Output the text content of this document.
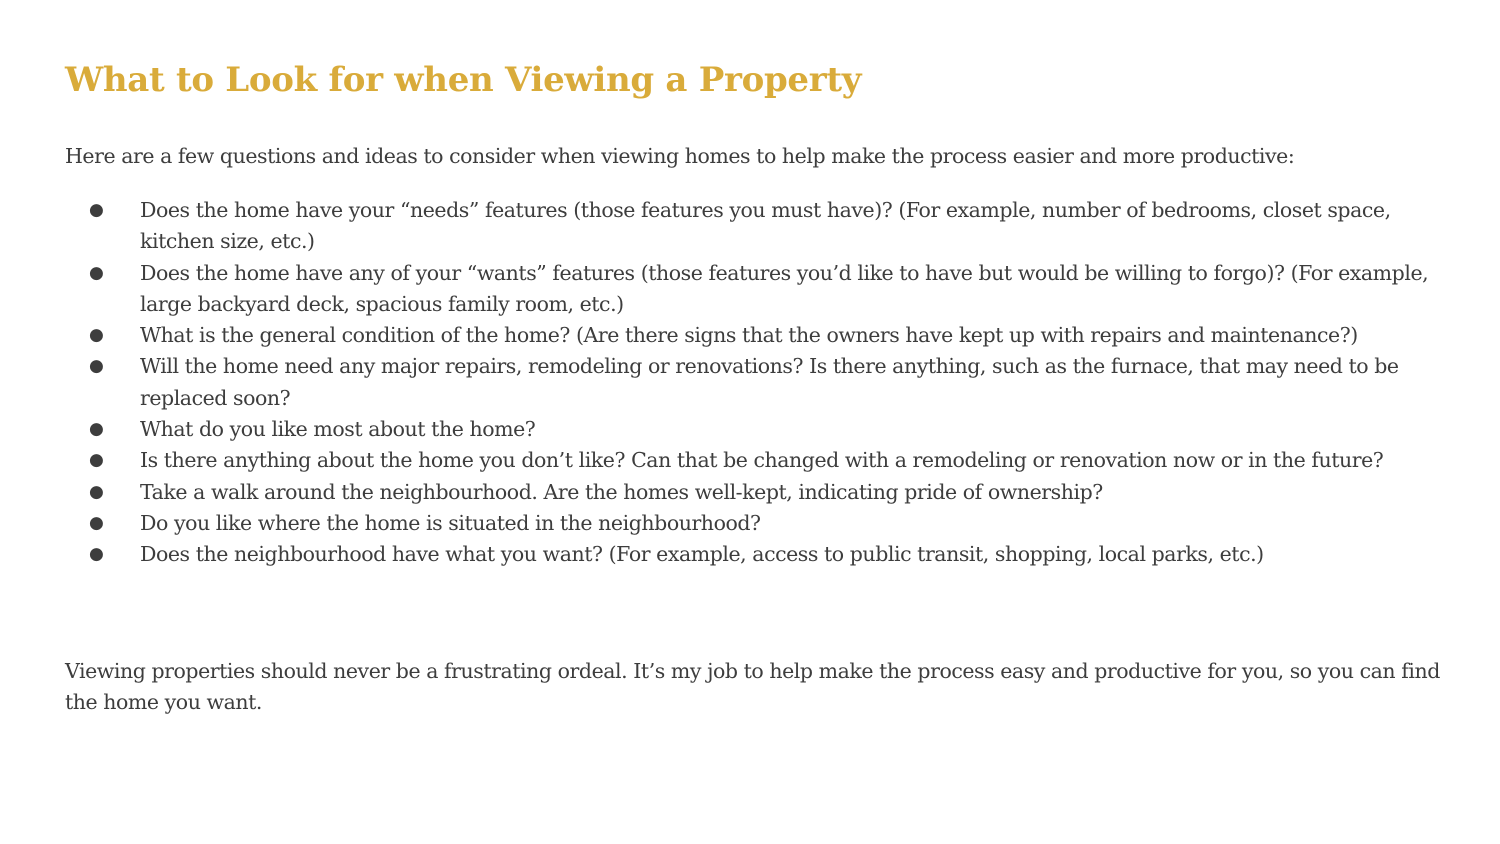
What to Look for when Viewing a Property

Here are a few questions and ideas to consider when viewing homes to help make the process easier and more productive:

● Does the home have your “needs” features (those features you must have)? (For example, number of bedrooms, closet space, kitchen size, etc.)
● Does the home have any of your “wants” features (those features you’d like to have but would be willing to forgo)? (For example, large backyard deck, spacious family room, etc.)
● What is the general condition of the home? (Are there signs that the owners have kept up with repairs and maintenance?)
● Will the home need any major repairs, remodeling or renovations? Is there anything, such as the furnace, that may need to be replaced soon?
● What do you like most about the home?
● Is there anything about the home you don’t like? Can that be changed with a remodeling or renovation now or in the future?
● Take a walk around the neighbourhood. Are the homes well-kept, indicating pride of ownership?
● Do you like where the home is situated in the neighbourhood?
● Does the neighbourhood have what you want? (For example, access to public transit, shopping, local parks, etc.)

Viewing properties should never be a frustrating ordeal. It’s my job to help make the process easy and productive for you, so you can find the home you want.
